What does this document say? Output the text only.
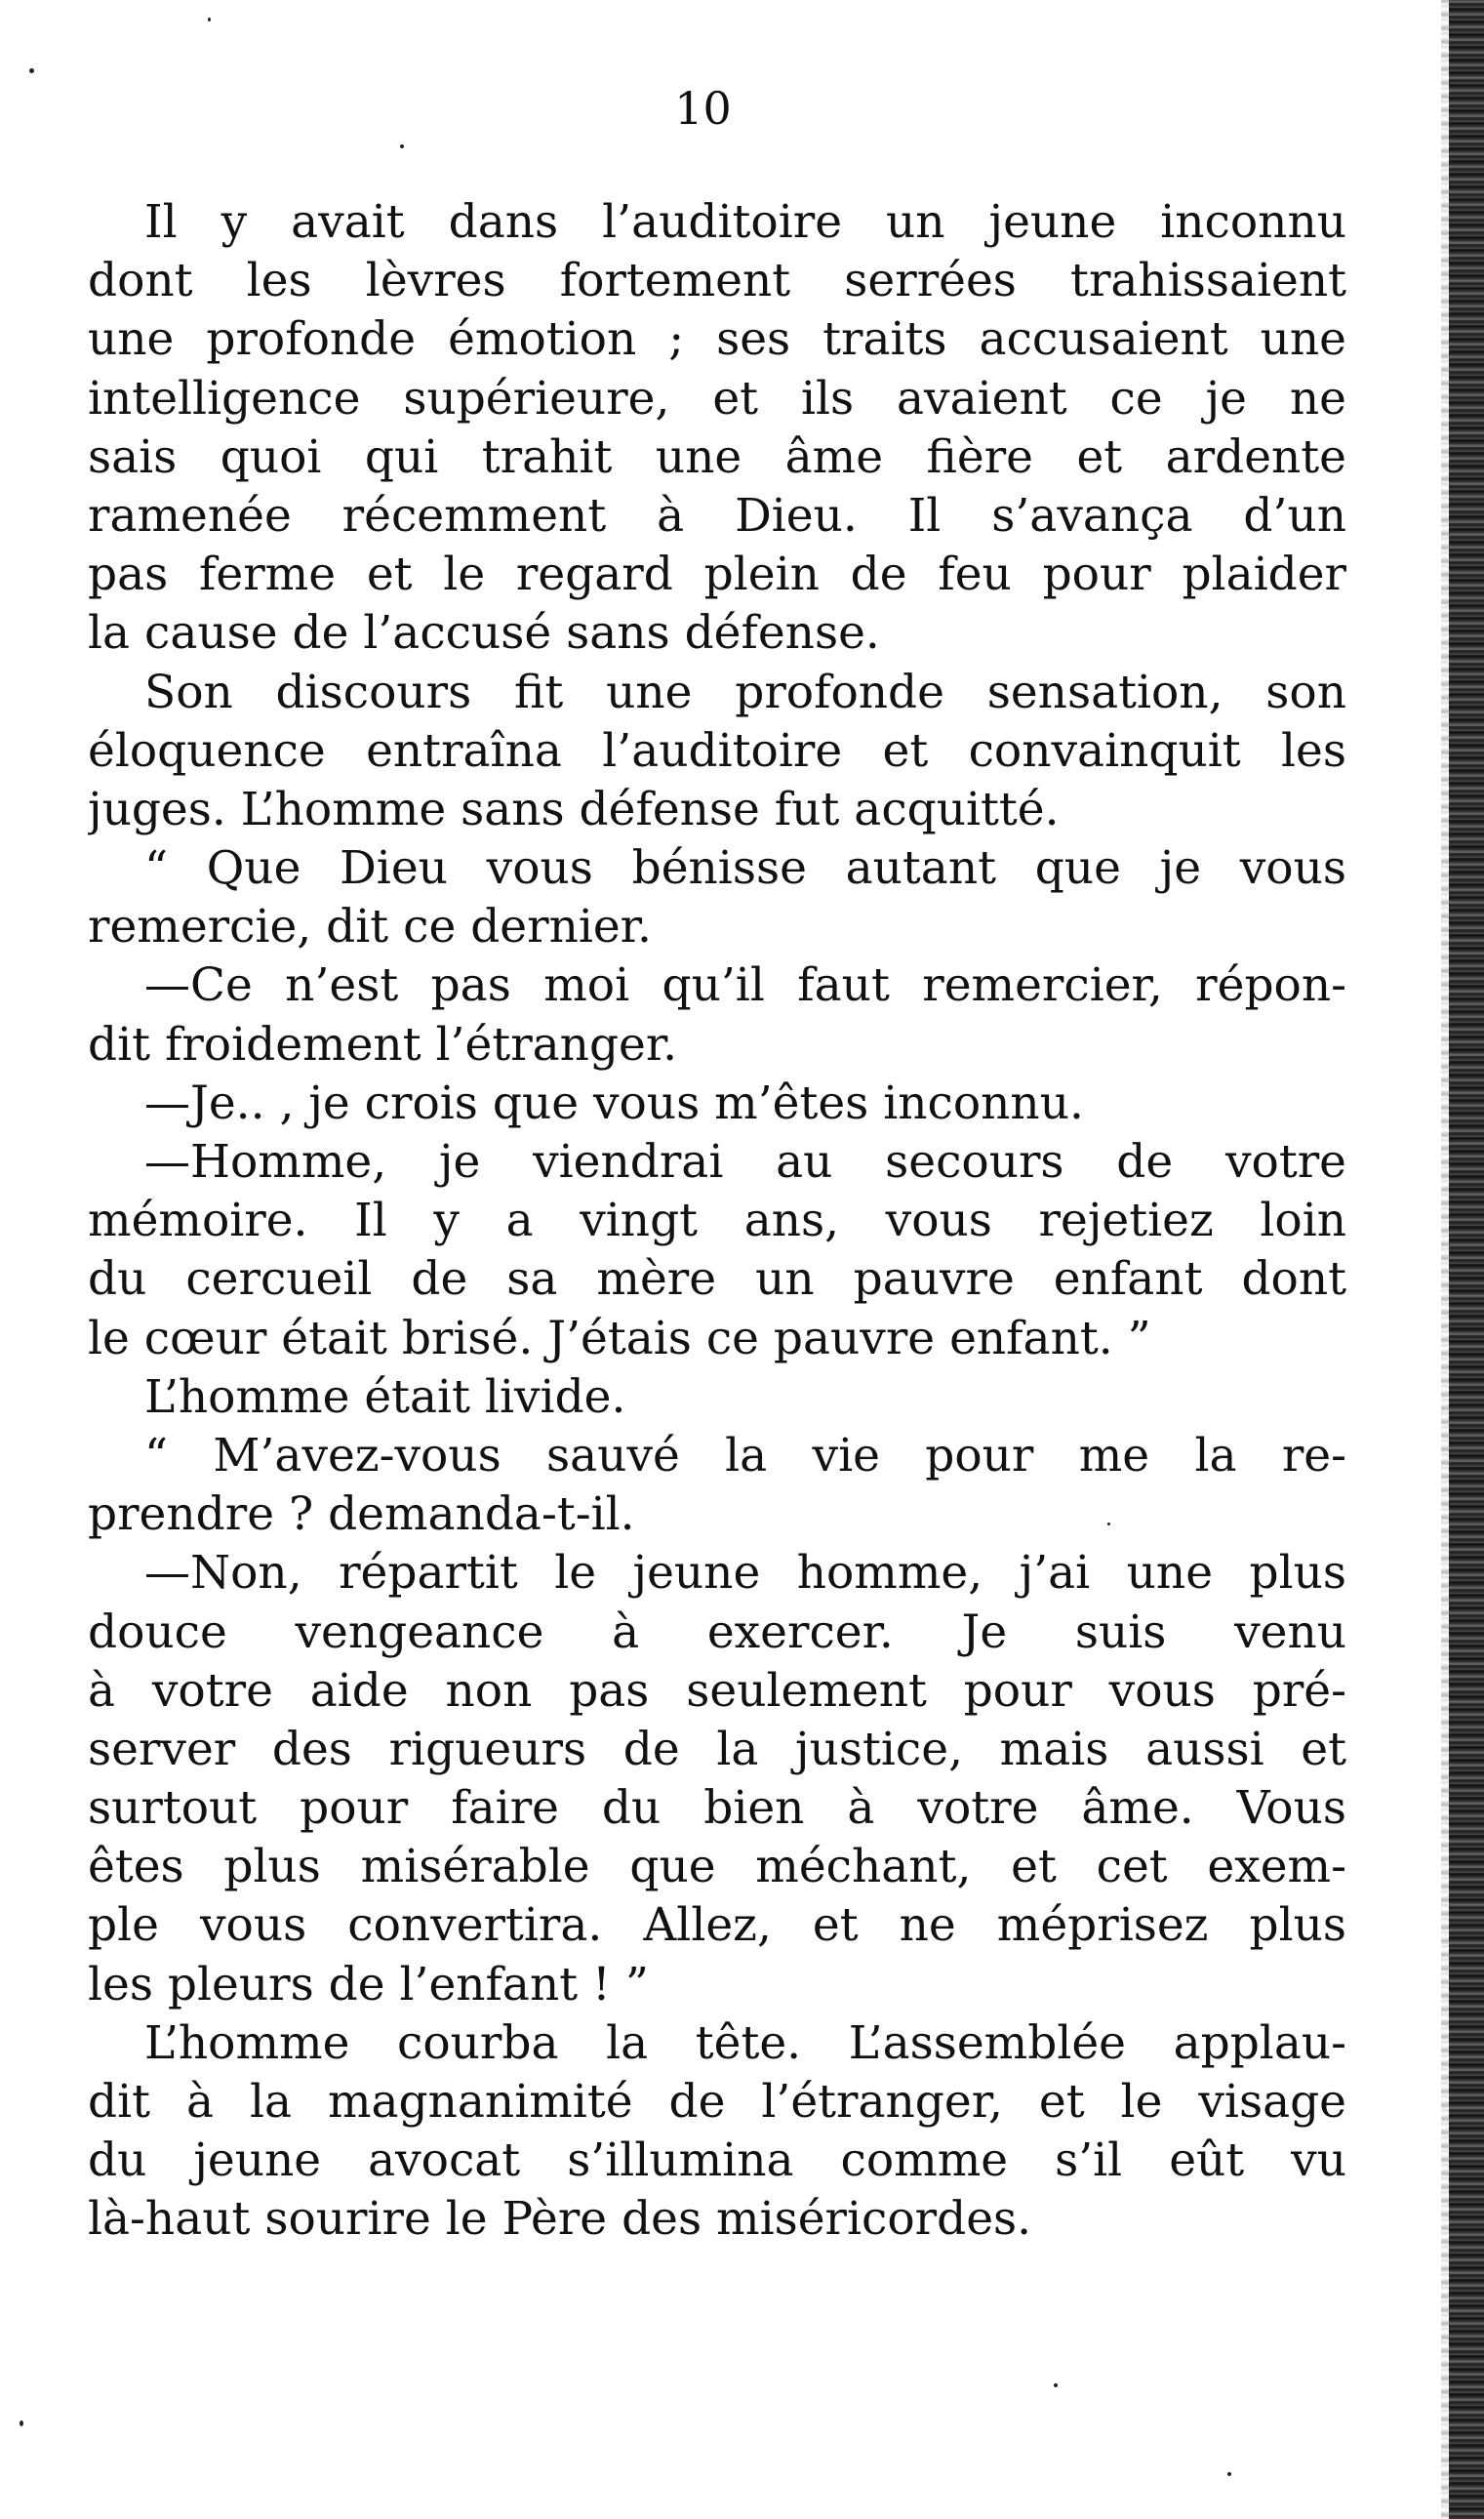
10
Il y avait dans l’auditoire un jeune inconnu
dont les lèvres fortement serrées trahissaient
une profonde émotion ; ses traits accusaient une
intelligence supérieure, et ils avaient ce je ne
sais quoi qui trahit une âme fière et ardente
ramenée récemment à Dieu. Il s’avança d’un
pas ferme et le regard plein de feu pour plaider
la cause de l’accusé sans défense.
Son discours fit une profonde sensation, son
éloquence entraîna l’auditoire et convainquit les
juges. L’homme sans défense fut acquitté.
“ Que Dieu vous bénisse autant que je vous
remercie, dit ce dernier.
—Ce n’est pas moi qu’il faut remercier, répon-
dit froidement l’étranger.
—Je.. , je crois que vous m’êtes inconnu.
—Homme, je viendrai au secours de votre
mémoire. Il y a vingt ans, vous rejetiez loin
du cercueil de sa mère un pauvre enfant dont
le cœur était brisé. J’étais ce pauvre enfant. ”
L’homme était livide.
“ M’avez-vous sauvé la vie pour me la re-
prendre ? demanda-t-il.
—Non, répartit le jeune homme, j’ai une plus
douce vengeance à exercer. Je suis venu
à votre aide non pas seulement pour vous pré-
server des rigueurs de la justice, mais aussi et
surtout pour faire du bien à votre âme. Vous
êtes plus misérable que méchant, et cet exem-
ple vous convertira. Allez, et ne méprisez plus
les pleurs de l’enfant ! ”
L’homme courba la tête. L’assemblée applau-
dit à la magnanimité de l’étranger, et le visage
du jeune avocat s’illumina comme s’il eût vu
là-haut sourire le Père des miséricordes.
